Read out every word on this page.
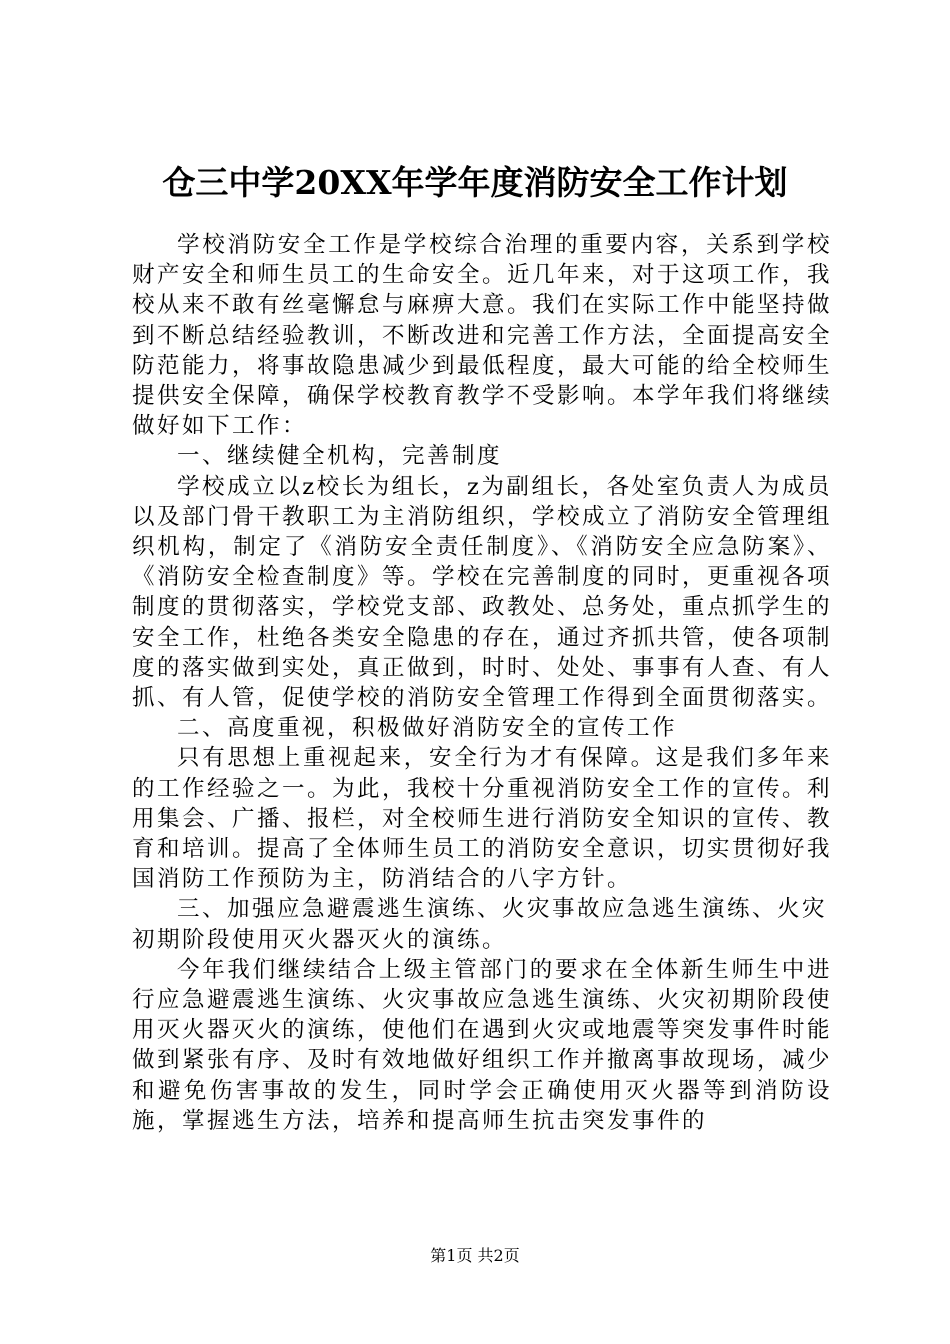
仓三中学20XX年学年度消防安全工作计划

学校消防安全工作是学校综合治理的重要内容，关系到学校财产安全和师生员工的生命安全。近几年来，对于这项工作，我校从来不敢有丝毫懈怠与麻痹大意。我们在实际工作中能坚持做到不断总结经验教训，不断改进和完善工作方法，全面提高安全防范能力，将事故隐患减少到最低程度，最大可能的给全校师生提供安全保障，确保学校教育教学不受影响。本学年我们将继续做好如下工作：

一、继续健全机构，完善制度

学校成立以z校长为组长，z为副组长，各处室负责人为成员以及部门骨干教职工为主消防组织，学校成立了消防安全管理组织机构，制定了《消防安全责任制度》、《消防安全应急防案》、《消防安全检查制度》等。学校在完善制度的同时，更重视各项制度的贯彻落实，学校党支部、政教处、总务处，重点抓学生的安全工作，杜绝各类安全隐患的存在，通过齐抓共管，使各项制度的落实做到实处，真正做到，时时、处处、事事有人查、有人抓、有人管，促使学校的消防安全管理工作得到全面贯彻落实。

二、高度重视，积极做好消防安全的宣传工作

只有思想上重视起来，安全行为才有保障。这是我们多年来的工作经验之一。为此，我校十分重视消防安全工作的宣传。利用集会、广播、报栏，对全校师生进行消防安全知识的宣传、教育和培训。提高了全体师生员工的消防安全意识，切实贯彻好我国消防工作预防为主，防消结合的八字方针。

三、加强应急避震逃生演练、火灾事故应急逃生演练、火灾初期阶段使用灭火器灭火的演练。

今年我们继续结合上级主管部门的要求在全体新生师生中进行应急避震逃生演练、火灾事故应急逃生演练、火灾初期阶段使用灭火器灭火的演练，使他们在遇到火灾或地震等突发事件时能做到紧张有序、及时有效地做好组织工作并撤离事故现场，减少和避免伤害事故的发生，同时学会正确使用灭火器等到消防设施，掌握逃生方法，培养和提高师生抗击突发事件的

第1页 共2页
